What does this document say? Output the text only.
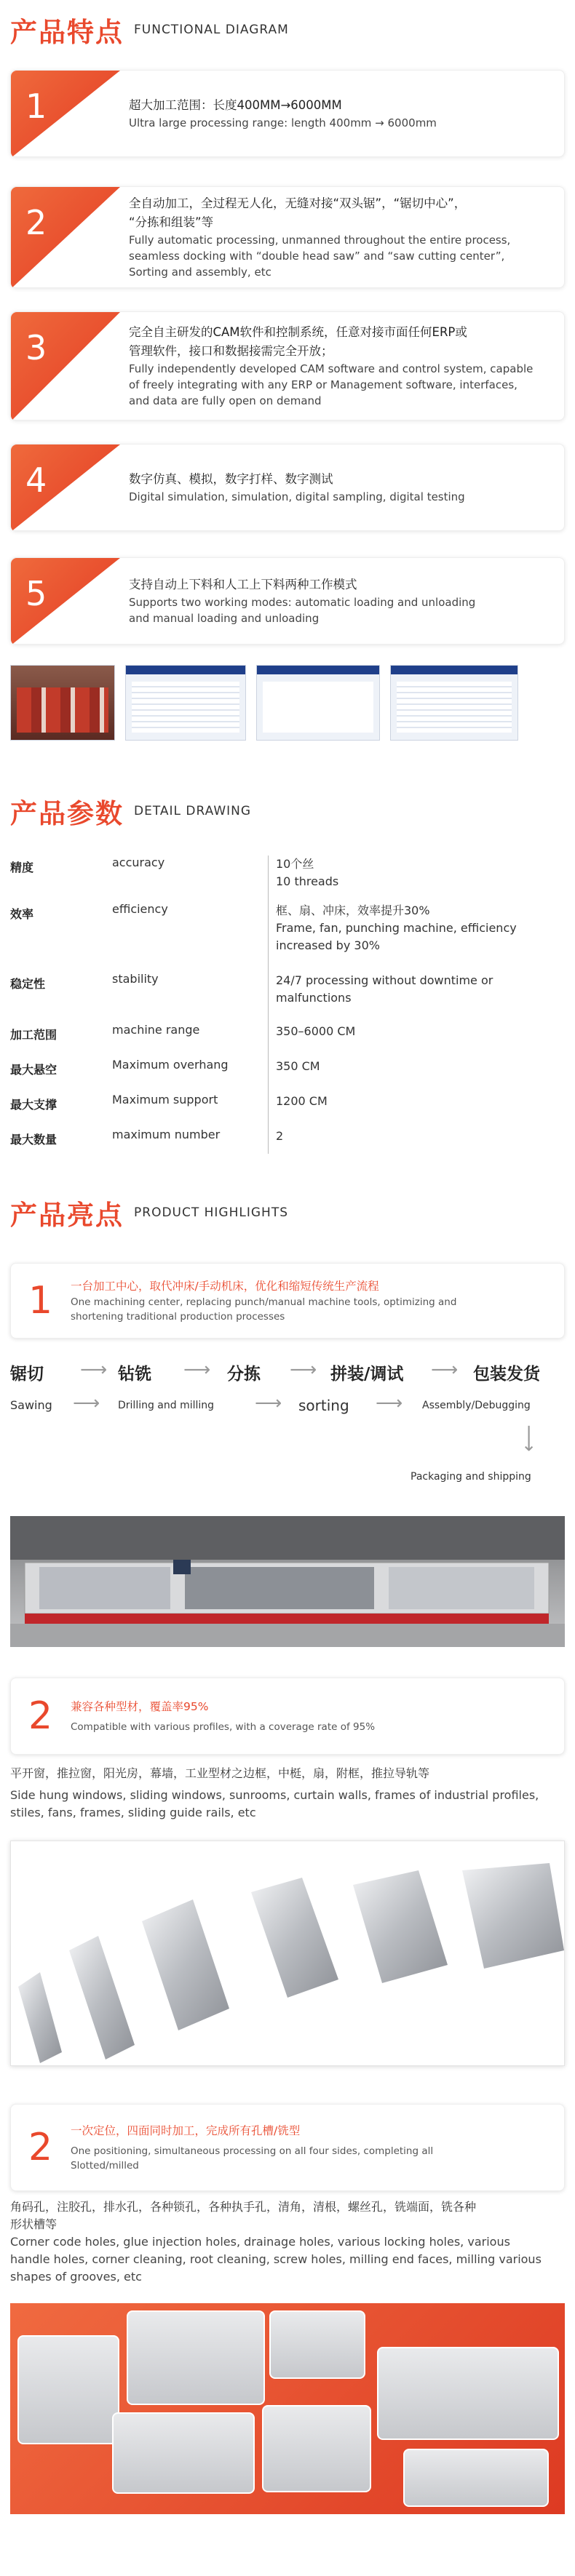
产品特点 FUNCTIONAL DIAGRAM
1	超大加工范围：长度400MM→6000MM
Ultra large processing range: length 400mm → 6000mm
2	全自动加工，全过程无人化，无缝对接“双头锯”，“锯切中心”，
“分拣和组装”等
Fully automatic processing, unmanned throughout the entire process,
seamless docking with “double head saw” and “saw cutting center”,
Sorting and assembly, etc
3	完全自主研发的CAM软件和控制系统，任意对接市面任何ERP或
管理软件，接口和数据接需完全开放；
Fully independently developed CAM software and control system, capable
of freely integrating with any ERP or Management software, interfaces,
and data are fully open on demand
4	数字仿真、模拟，数字打样、数字测试
Digital simulation, simulation, digital sampling, digital testing
5	支持自动上下料和人工上下料两种工作模式
Supports two working modes: automatic loading and unloading
and manual loading and unloading
产品参数 DETAIL DRAWING
精度	accuracy	10个丝
10 threads
效率	efficiency	框、扇、冲床，效率提升30%
Frame, fan, punching machine, efficiency
increased by 30%
稳定性	stability	24/7 processing without downtime or
malfunctions
加工范围	machine range	350–6000 CM
最大悬空	Maximum overhang	350 CM
最大支撑	Maximum support	1200 CM
最大数量	maximum number	2
产品亮点 PRODUCT HIGHLIGHTS
1 一台加工中心，取代冲床/手动机床，优化和缩短传统生产流程
One machining center, replacing punch/manual machine tools, optimizing and
shortening traditional production processes
锯切 ⟶ 钻铣 ⟶ 分拣 ⟶ 拼装/调试 ⟶ 包装发货
Sawing ⟶ Drilling and milling ⟶ sorting ⟶ Assembly/Debugging
⟶
Packaging and shipping
2 兼容各种型材，覆盖率95%
Compatible with various profiles, with a coverage rate of 95%
平开窗，推拉窗，阳光房，幕墙，工业型材之边框，中梃，扇，附框，推拉导轨等
Side hung windows, sliding windows, sunrooms, curtain walls, frames of industrial profiles,
stiles, fans, frames, sliding guide rails, etc
2 一次定位，四面同时加工，完成所有孔槽/铣型
One positioning, simultaneous processing on all four sides, completing all
Slotted/milled
角码孔，注胶孔，排水孔，各种锁孔，各种执手孔，清角，清根，螺丝孔，铣端面，铣各种
形状槽等
Corner code holes, glue injection holes, drainage holes, various locking holes, various
handle holes, corner cleaning, root cleaning, screw holes, milling end faces, milling various
shapes of grooves, etc
